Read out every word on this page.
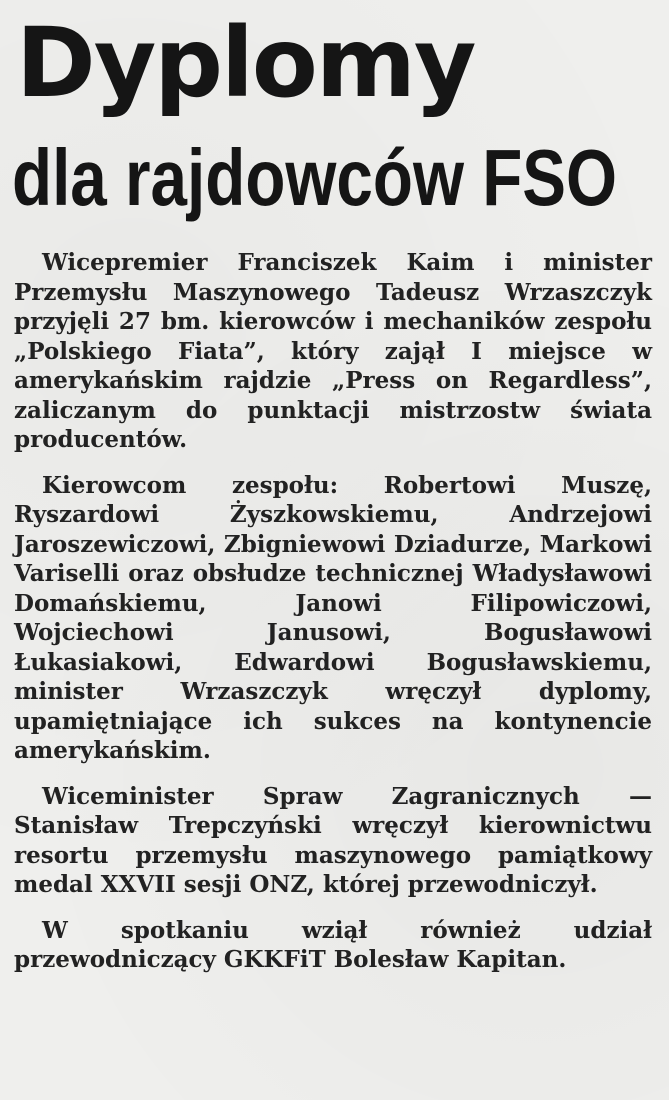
Dyplomy
dla rajdowców FSO

Wicepremier Franciszek Kaim i minister Przemysłu Maszynowego Tadeusz Wrzaszczyk przyjęli 27 bm. kierowców i mechaników zespołu „Polskiego Fiata”, który zajął I miejsce w amerykańskim rajdzie „Press on Regardless”, zaliczanym do punktacji mistrzostw świata producentów.

Kierowcom zespołu: Robertowi Muszę, Ryszardowi Żyszkowskiemu, Andrzejowi Jaroszewiczowi, Zbigniewowi Dziadurze, Markowi Variselli oraz obsłudze technicznej Władysławowi Domańskiemu, Janowi Filipowiczowi, Wojciechowi Janusowi, Bogusławowi Łukasiakowi, Edwardowi Bogusławskiemu, minister Wrzaszczyk wręczył dyplomy, upamiętniające ich sukces na kontynencie amerykańskim.

Wiceminister Spraw Zagranicznych — Stanisław Trepczyński wręczył kierownictwu resortu przemysłu maszynowego pamiątkowy medal XXVII sesji ONZ, której przewodniczył.

W spotkaniu wziął również udział przewodniczący GKKFiT Bolesław Kapitan.
